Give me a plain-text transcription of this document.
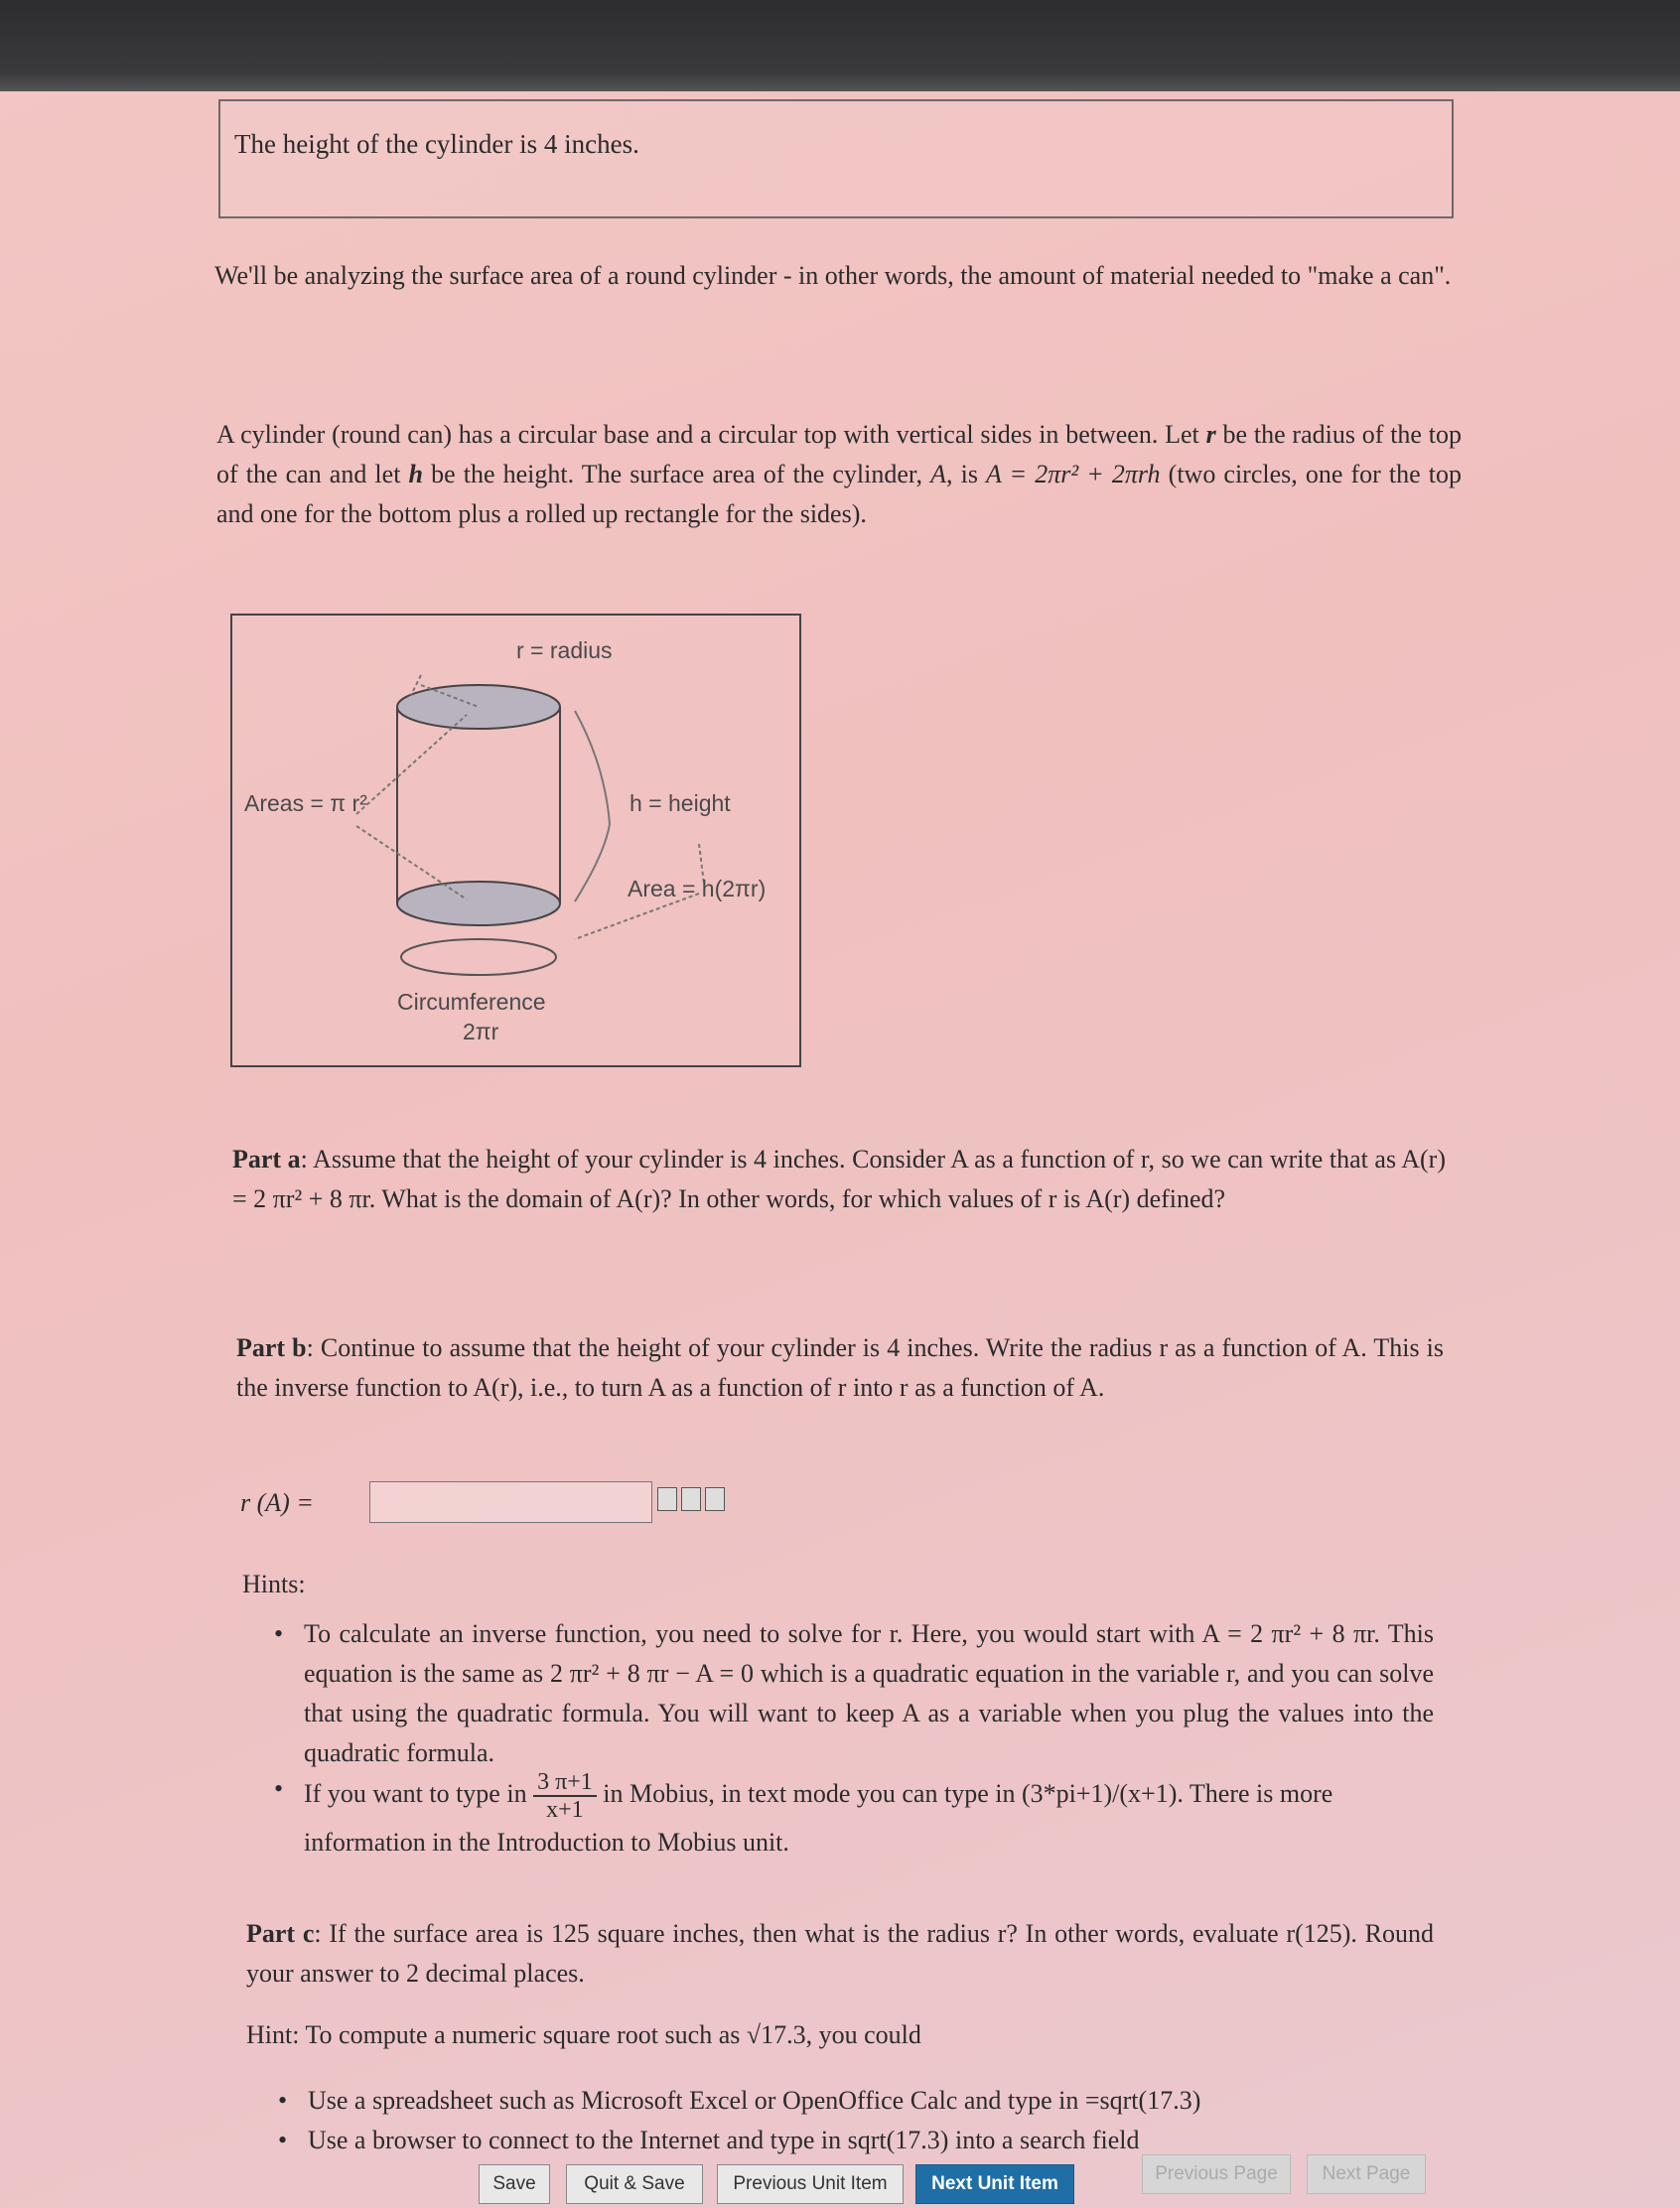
The height of the cylinder is 4 inches.
We'll be analyzing the surface area of a round cylinder - in other words, the amount of material needed to "make a can".
A cylinder (round can) has a circular base and a circular top with vertical sides in between. Let r be the radius of the top of the can and let h be the height. The surface area of the cylinder, A, is A = 2πr² + 2πrh (two circles, one for the top and one for the bottom plus a rolled up rectangle for the sides).
r = radius
Areas = π r²	h = height
Area = h(2πr)
Circumference
2πr
Part a: Assume that the height of your cylinder is 4 inches. Consider A as a function of r, so we can write that as A(r) = 2 πr² + 8 πr. What is the domain of A(r)? In other words, for which values of r is A(r) defined?
Part b: Continue to assume that the height of your cylinder is 4 inches. Write the radius r as a function of A. This is the inverse function to A(r), i.e., to turn A as a function of r into r as a function of A.
r (A) =
Hints:
• To calculate an inverse function, you need to solve for r. Here, you would start with A = 2 πr² + 8 πr. This equation is the same as 2 πr² + 8 πr − A = 0 which is a quadratic equation in the variable r, and you can solve that using the quadratic formula. You will want to keep A as a variable when you plug the values into the quadratic formula.
• If you want to type in $\frac{3 \pi+1}{x+1}$ in Mobius, in text mode you can type in (3*pi+1)/(x+1). There is more information in the Introduction to Mobius unit.
Part c: If the surface area is 125 square inches, then what is the radius r? In other words, evaluate r(125). Round your answer to 2 decimal places.
Hint: To compute a numeric square root such as √17.3, you could
• Use a spreadsheet such as Microsoft Excel or OpenOffice Calc and type in =sqrt(17.3)
• Use a browser to connect to the Internet and type in sqrt(17.3) into a search field
Save	Quit & Save	Previous Unit Item	Next Unit Item	Previous Page	Next Page
